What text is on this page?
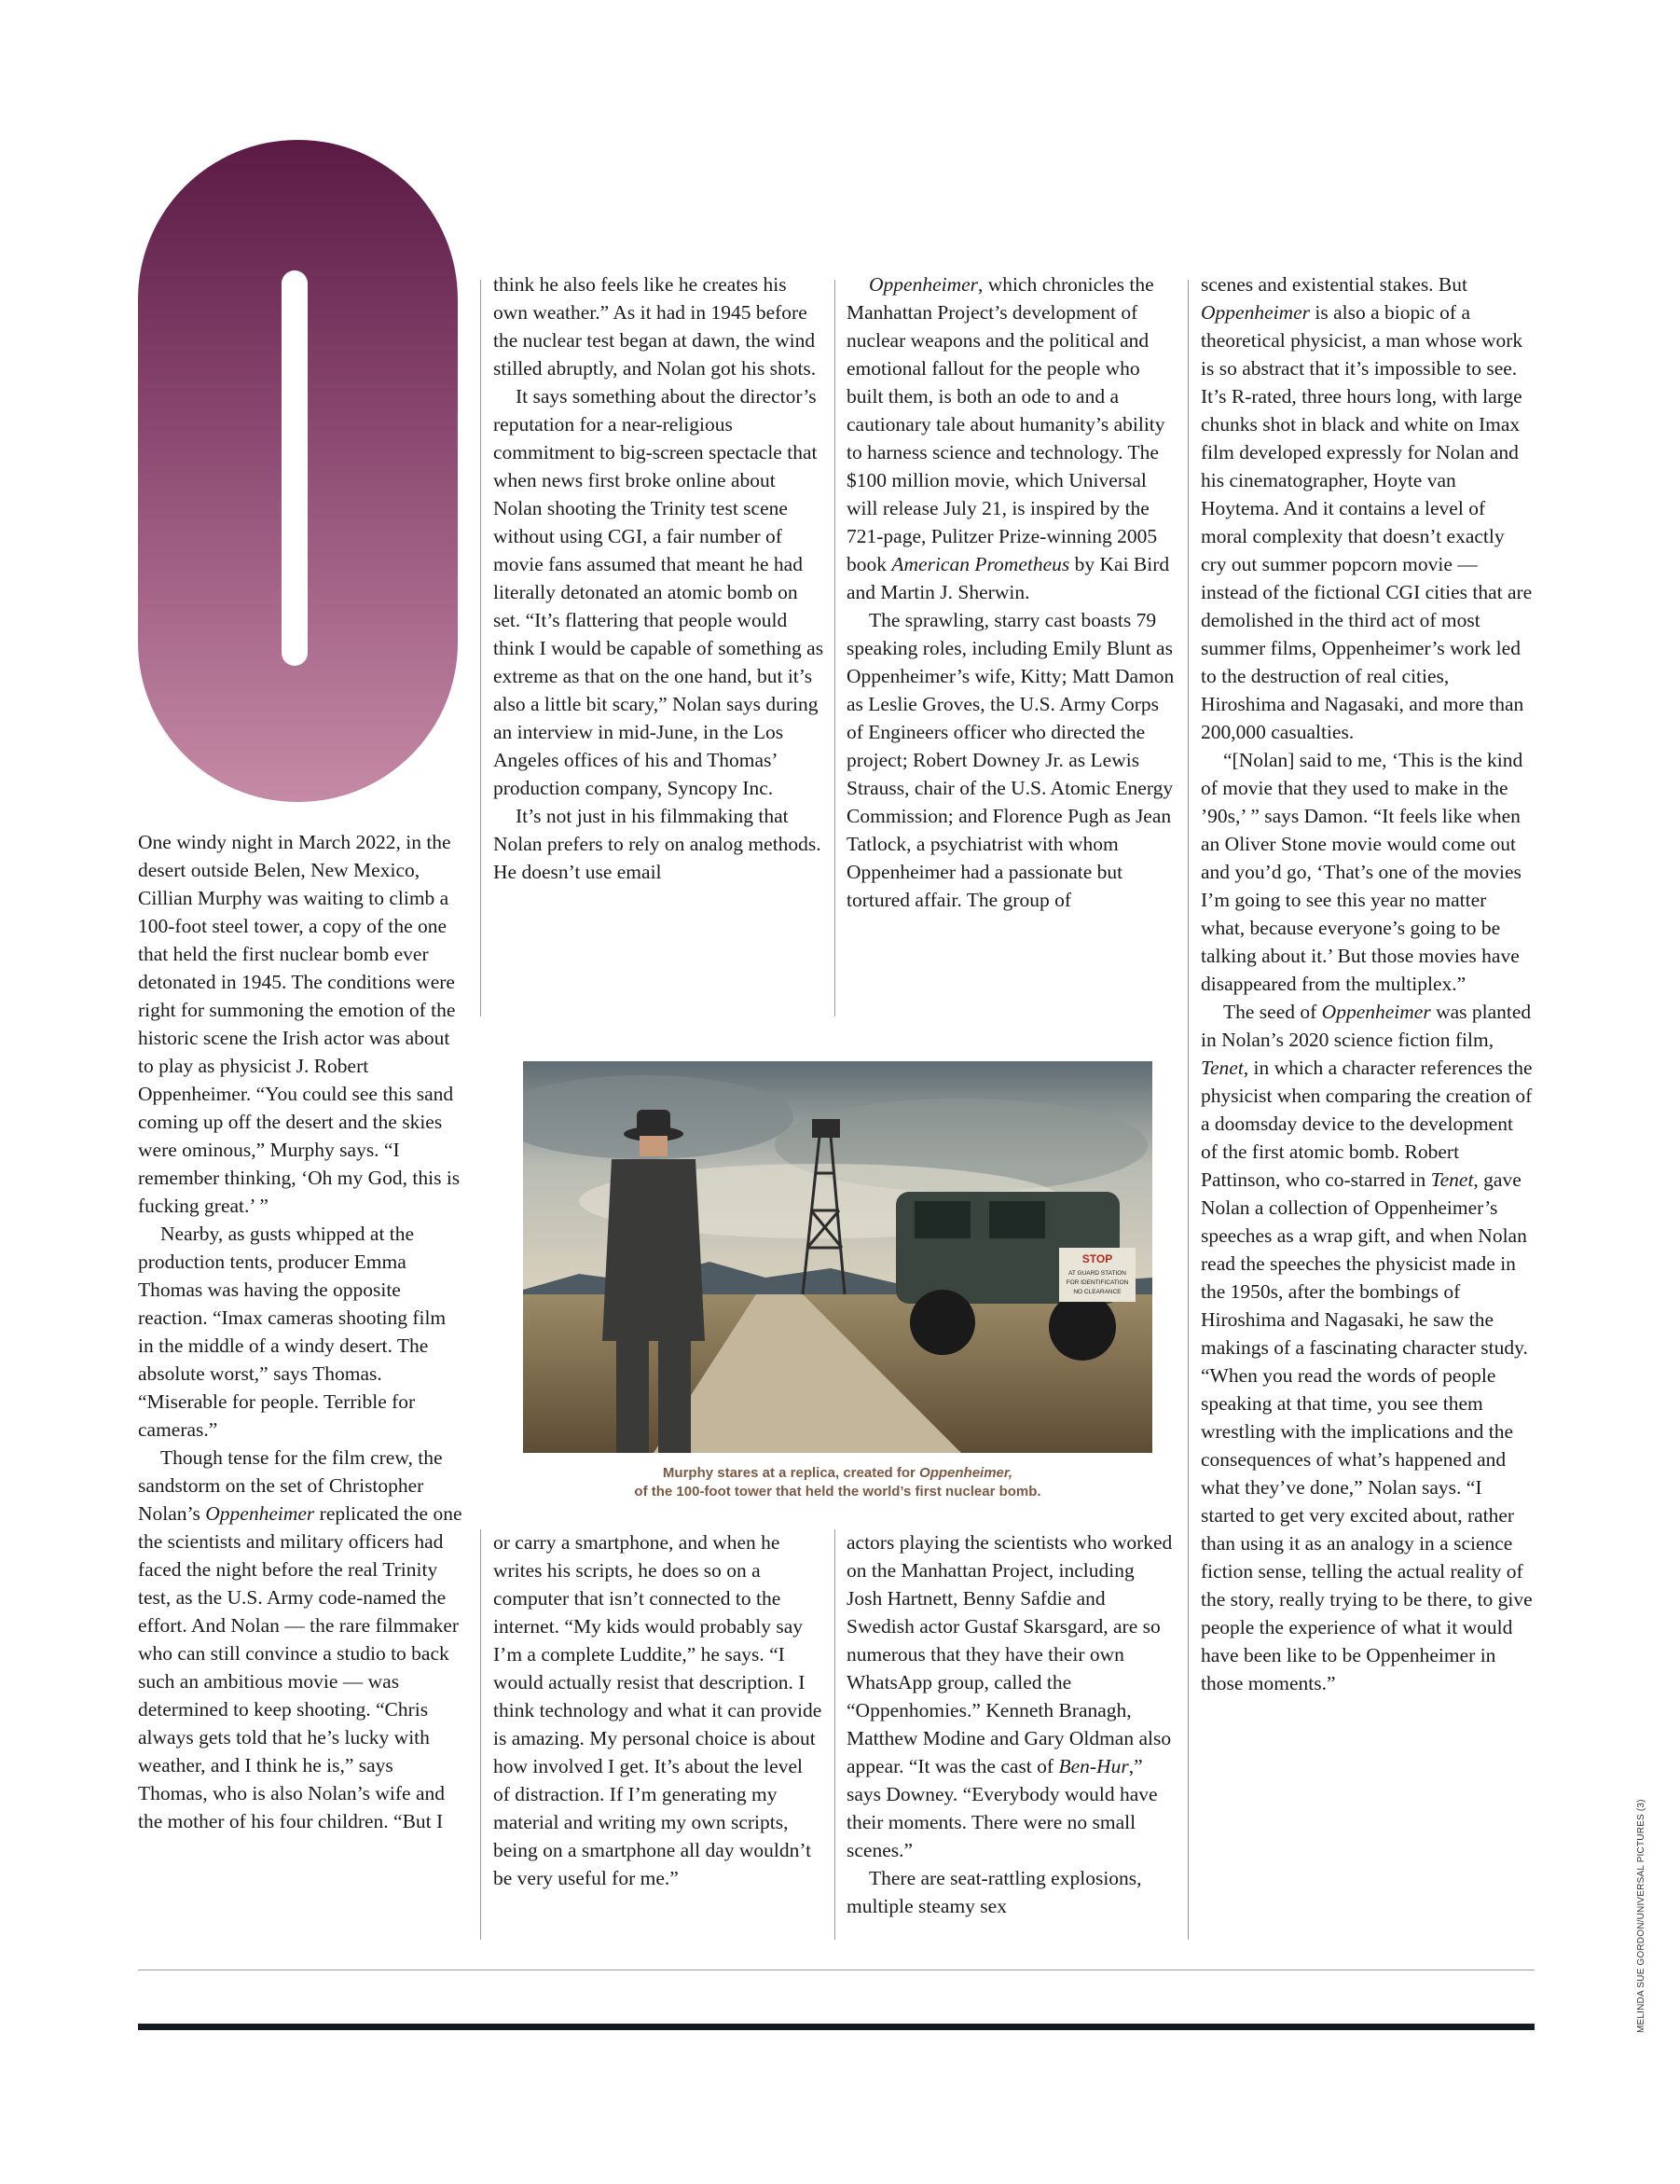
One windy night in March 2022, in the desert outside Belen, New Mexico, Cillian Murphy was waiting to climb a 100-foot steel tower, a copy of the one that held the first nuclear bomb ever detonated in 1945. The conditions were right for summoning the emotion of the historic scene the Irish actor was about to play as physicist J. Robert Oppenheimer. “You could see this sand coming up off the desert and the skies were ominous,” Murphy says. “I remember thinking, ‘Oh my God, this is fucking great.’ ”

Nearby, as gusts whipped at the production tents, producer Emma Thomas was having the opposite reaction. “Imax cameras shooting film in the middle of a windy desert. The absolute worst,” says Thomas. “Miserable for people. Terrible for cameras.”

Though tense for the film crew, the sandstorm on the set of Christopher Nolan’s Oppenheimer replicated the one the scientists and military officers had faced the night before the real Trinity test, as the U.S. Army code-named the effort. And Nolan — the rare filmmaker who can still convince a studio to back such an ambitious movie — was determined to keep shooting. “Chris always gets told that he’s lucky with weather, and I think he is,” says Thomas, who is also Nolan’s wife and the mother of his four children. “But I

think he also feels like he creates his own weather.” As it had in 1945 before the nuclear test began at dawn, the wind stilled abruptly, and Nolan got his shots.

It says something about the director’s reputation for a near-religious commitment to big-screen spectacle that when news first broke online about Nolan shooting the Trinity test scene without using CGI, a fair number of movie fans assumed that meant he had literally detonated an atomic bomb on set. “It’s flattering that people would think I would be capable of something as extreme as that on the one hand, but it’s also a little bit scary,” Nolan says during an interview in mid-June, in the Los Angeles offices of his and Thomas’ production company, Syncopy Inc.

It’s not just in his filmmaking that Nolan prefers to rely on analog methods. He doesn’t use email

Oppenheimer, which chronicles the Manhattan Project’s development of nuclear weapons and the political and emotional fallout for the people who built them, is both an ode to and a cautionary tale about humanity’s ability to harness science and technology. The $100 million movie, which Universal will release July 21, is inspired by the 721-page, Pulitzer Prize-winning 2005 book American Prometheus by Kai Bird and Martin J. Sherwin.

The sprawling, starry cast boasts 79 speaking roles, including Emily Blunt as Oppenheimer’s wife, Kitty; Matt Damon as Leslie Groves, the U.S. Army Corps of Engineers officer who directed the project; Robert Downey Jr. as Lewis Strauss, chair of the U.S. Atomic Energy Commission; and Florence Pugh as Jean Tatlock, a psychiatrist with whom Oppenheimer had a passionate but tortured affair. The group of

STOP
AT GUARD STATION
FOR IDENTIFICATION
NO CLEARANCE
Murphy stares at a replica, created for Oppenheimer,
of the 100-foot tower that held the world’s first nuclear bomb.

or carry a smartphone, and when he writes his scripts, he does so on a computer that isn’t connected to the internet. “My kids would probably say I’m a complete Luddite,” he says. “I would actually resist that description. I think technology and what it can provide is amazing. My personal choice is about how involved I get. It’s about the level of distraction. If I’m generating my material and writing my own scripts, being on a smartphone all day wouldn’t be very useful for me.”

actors playing the scientists who worked on the Manhattan Project, including Josh Hartnett, Benny Safdie and Swedish actor Gustaf Skarsgard, are so numerous that they have their own WhatsApp group, called the “Oppenhomies.” Kenneth Branagh, Matthew Modine and Gary Oldman also appear. “It was the cast of Ben-Hur,” says Downey. “Everybody would have their moments. There were no small scenes.”

There are seat-rattling explosions, multiple steamy sex

scenes and existential stakes. But Oppenheimer is also a biopic of a theoretical physicist, a man whose work is so abstract that it’s impossible to see. It’s R-rated, three hours long, with large chunks shot in black and white on Imax film developed expressly for Nolan and his cinematographer, Hoyte van Hoytema. And it contains a level of moral complexity that doesn’t exactly cry out summer popcorn movie — instead of the fictional CGI cities that are demolished in the third act of most summer films, Oppenheimer’s work led to the destruction of real cities, Hiroshima and Nagasaki, and more than 200,000 casualties.

“[Nolan] said to me, ‘This is the kind of movie that they used to make in the ’90s,’ ” says Damon. “It feels like when an Oliver Stone movie would come out and you’d go, ‘That’s one of the movies I’m going to see this year no matter what, because everyone’s going to be talking about it.’ But those movies have disappeared from the multiplex.”

The seed of Oppenheimer was planted in Nolan’s 2020 science fiction film, Tenet, in which a character references the physicist when comparing the creation of a doomsday device to the development of the first atomic bomb. Robert Pattinson, who co-starred in Tenet, gave Nolan a collection of Oppenheimer’s speeches as a wrap gift, and when Nolan read the speeches the physicist made in the 1950s, after the bombings of Hiroshima and Nagasaki, he saw the makings of a fascinating character study. “When you read the words of people speaking at that time, you see them wrestling with the implications and the consequences of what’s happened and what they’ve done,” Nolan says. “I started to get very excited about, rather than using it as an analogy in a science fiction sense, telling the actual reality of the story, really trying to be there, to give people the experience of what it would have been like to be Oppenheimer in those moments.”

MELINDA SUE GORDON/UNIVERSAL PICTURES (3)
